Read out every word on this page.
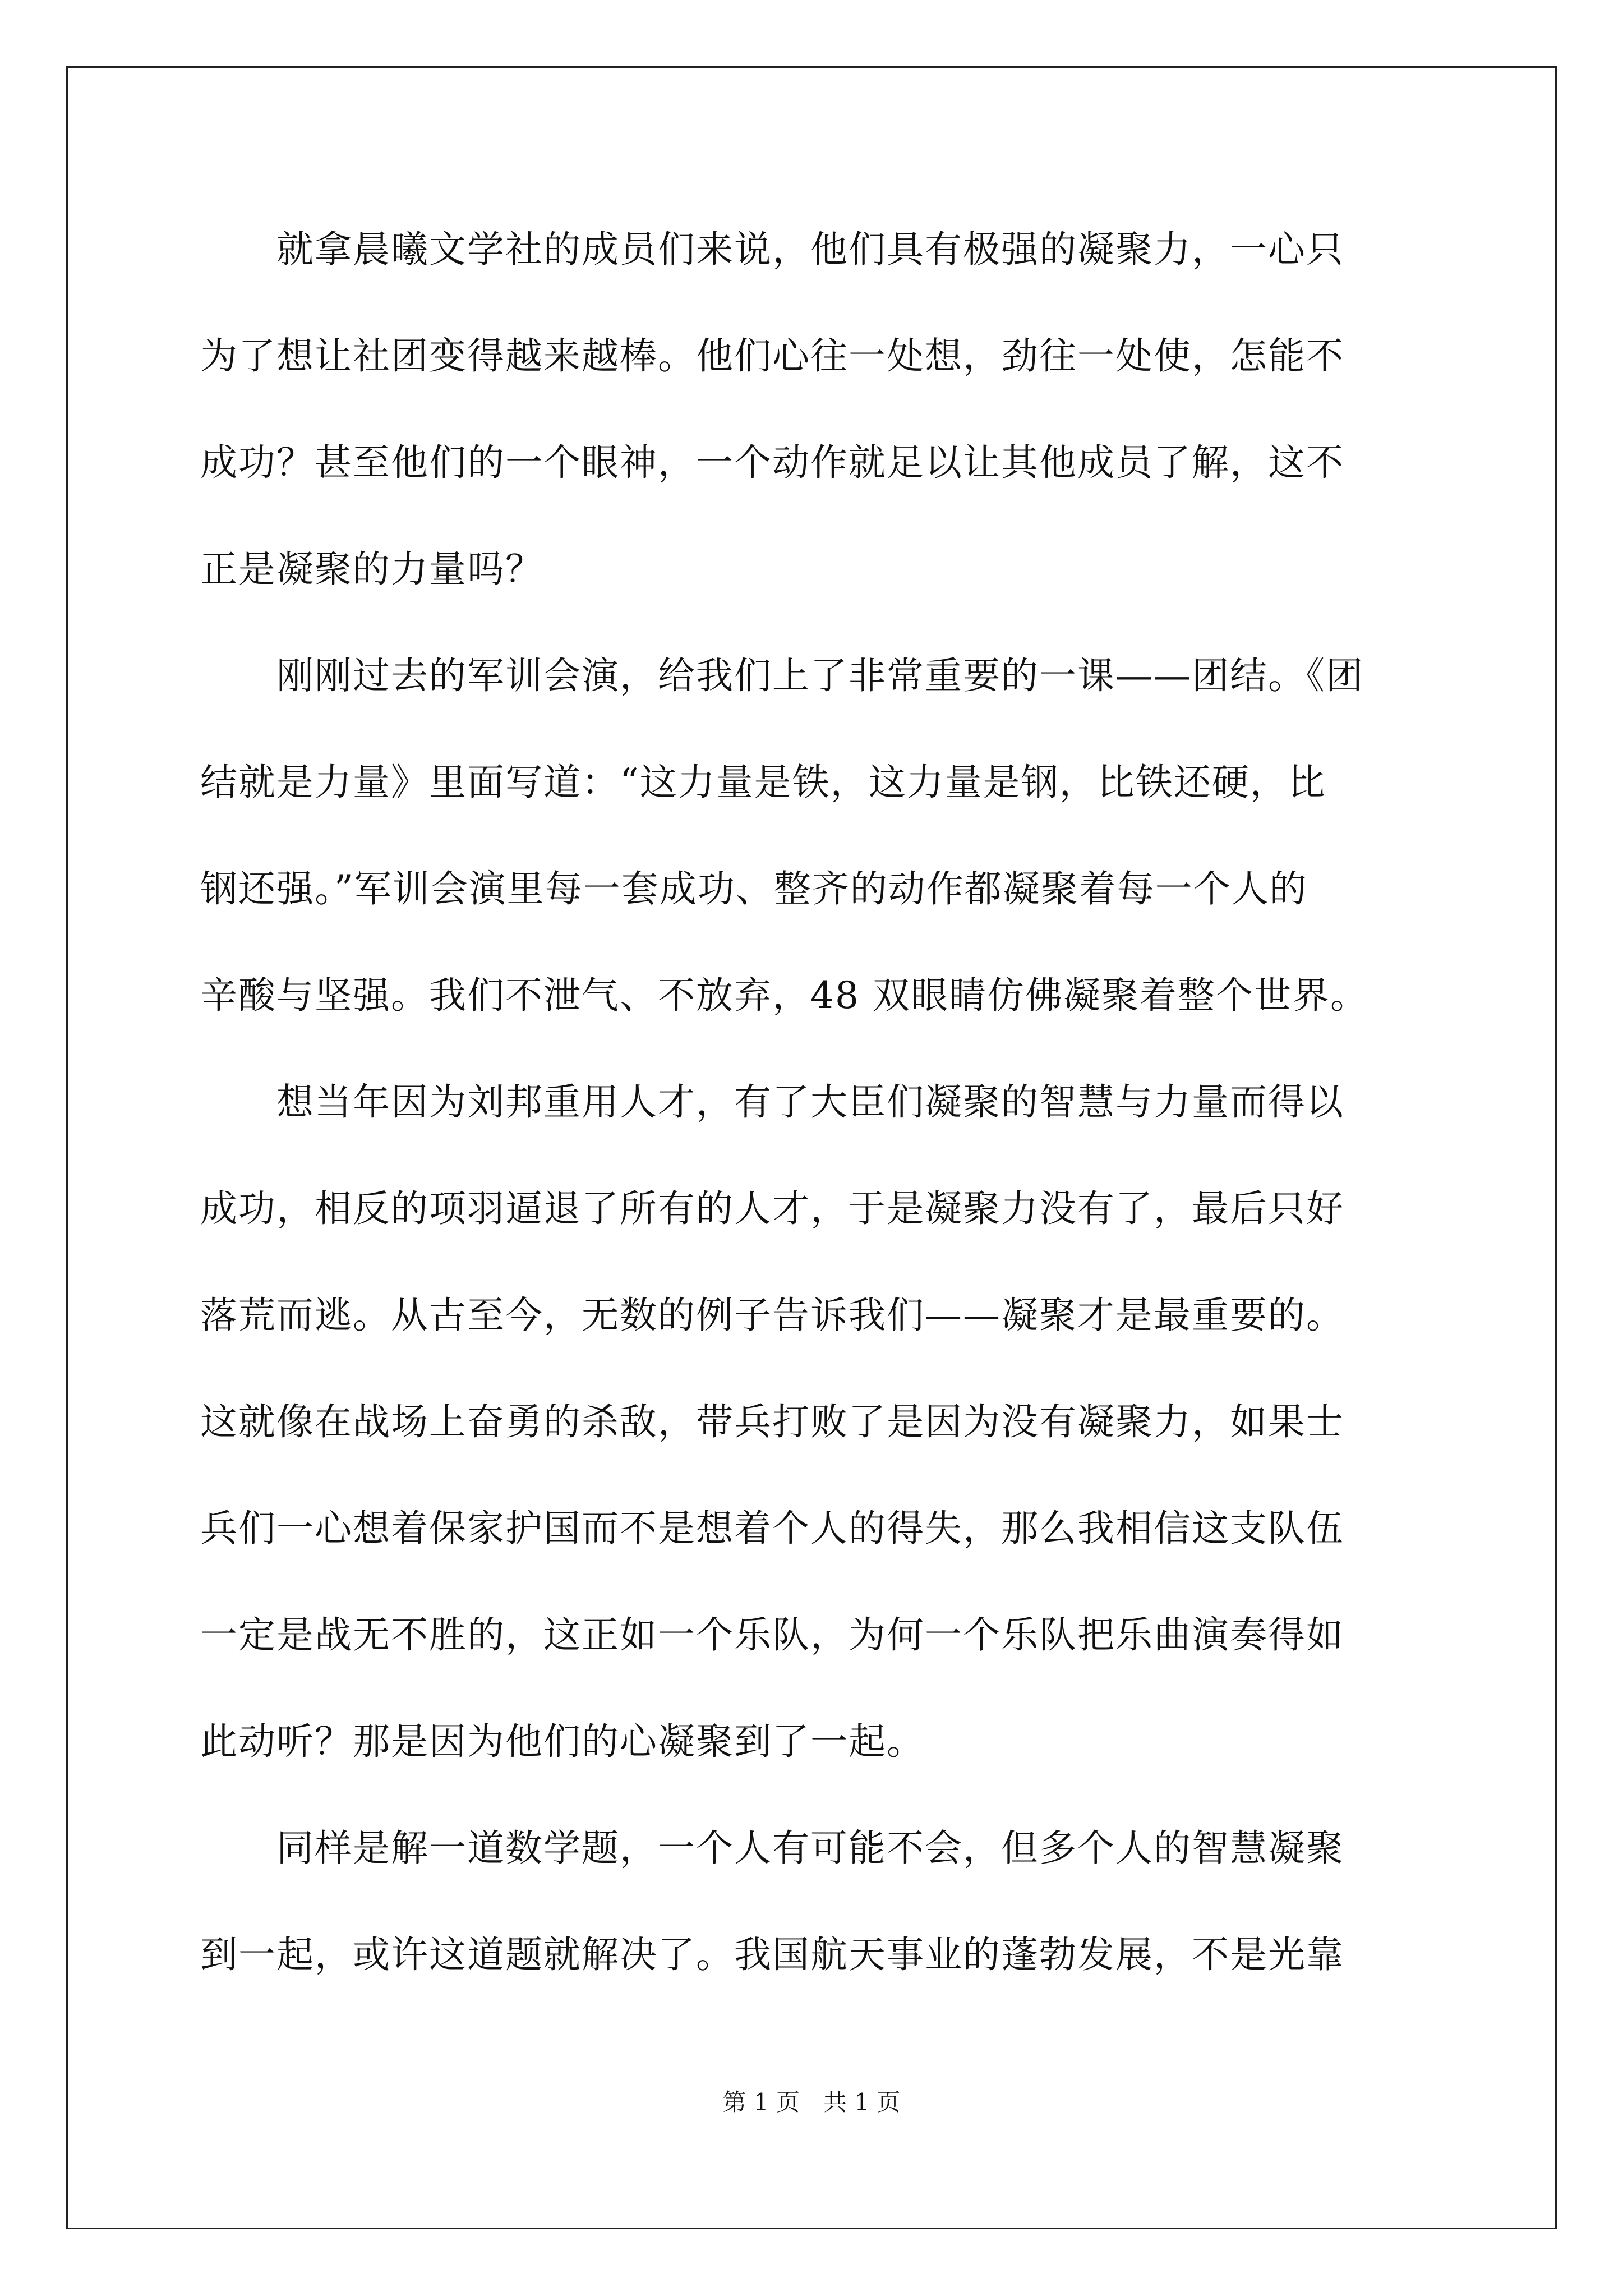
　　就拿晨曦文学社的成员们来说，他们具有极强的凝聚力，一心只
为了想让社团变得越来越棒。他们心往一处想，劲往一处使，怎能不
成功？甚至他们的一个眼神，一个动作就足以让其他成员了解，这不
正是凝聚的力量吗？
　　刚刚过去的军训会演，给我们上了非常重要的一课——团结。《团
结就是力量》里面写道：“这力量是铁，这力量是钢，比铁还硬，比
钢还强。”军训会演里每一套成功、整齐的动作都凝聚着每一个人的
辛酸与坚强。我们不泄气、不放弃，48 双眼睛仿佛凝聚着整个世界。
　　想当年因为刘邦重用人才，有了大臣们凝聚的智慧与力量而得以
成功，相反的项羽逼退了所有的人才，于是凝聚力没有了，最后只好
落荒而逃。从古至今，无数的例子告诉我们——凝聚才是最重要的。
这就像在战场上奋勇的杀敌，带兵打败了是因为没有凝聚力，如果士
兵们一心想着保家护国而不是想着个人的得失，那么我相信这支队伍
一定是战无不胜的，这正如一个乐队，为何一个乐队把乐曲演奏得如
此动听？那是因为他们的心凝聚到了一起。
　　同样是解一道数学题，一个人有可能不会，但多个人的智慧凝聚
到一起，或许这道题就解决了。我国航天事业的蓬勃发展，不是光靠
第 1 页　共 1 页
